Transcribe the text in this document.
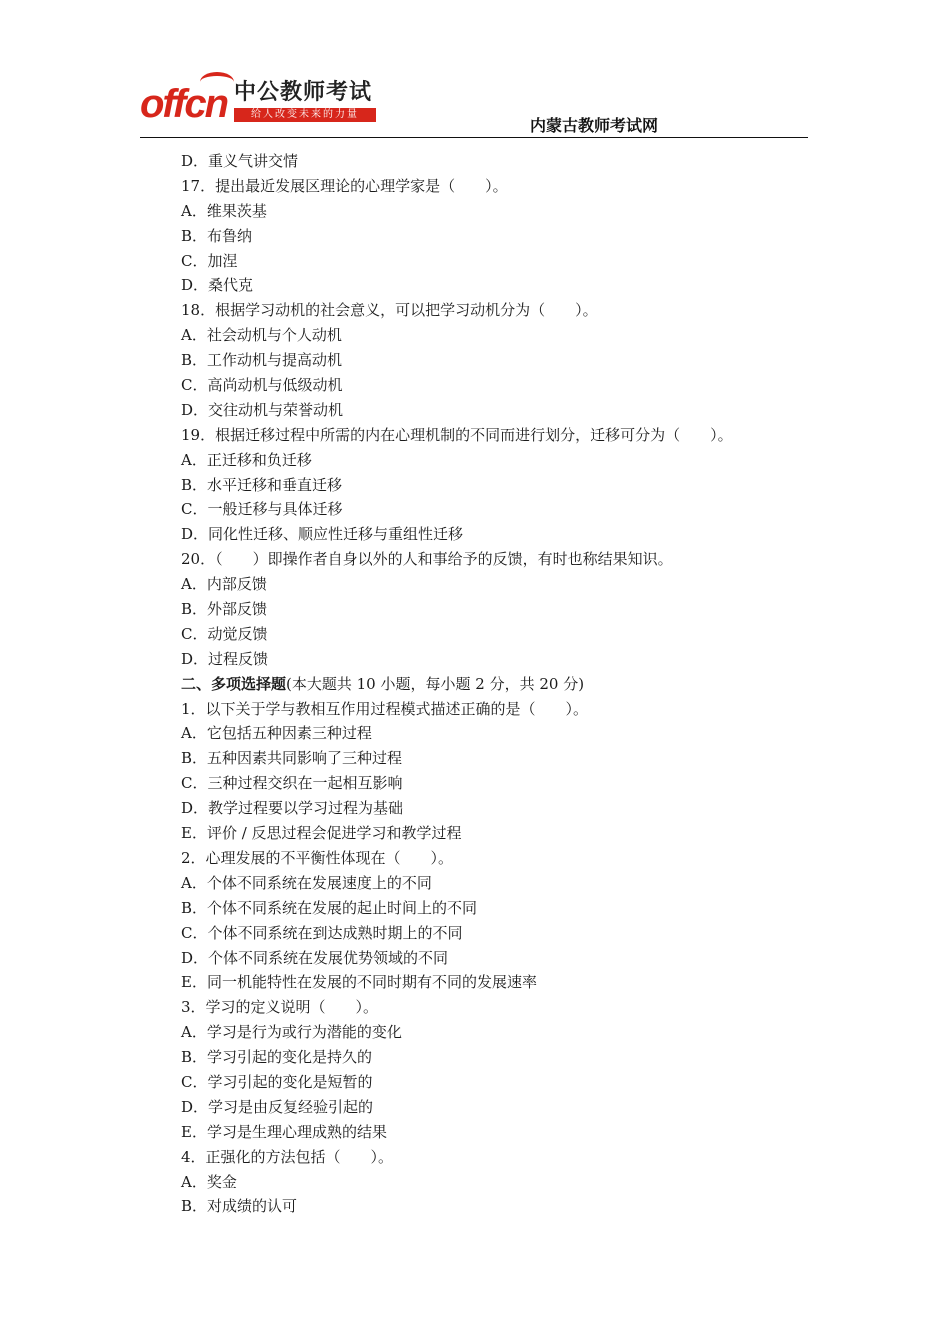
offcn 中公教师考试
给人改变未来的力量
内蒙古教师考试网
D．重义气讲交情
17．提出最近发展区理论的心理学家是（　　）。
A．维果茨基
B．布鲁纳
C．加涅
D．桑代克
18．根据学习动机的社会意义，可以把学习动机分为（　　）。
A．社会动机与个人动机
B．工作动机与提高动机
C．高尚动机与低级动机
D．交往动机与荣誉动机
19．根据迁移过程中所需的内在心理机制的不同而进行划分，迁移可分为（　　）。
A．正迁移和负迁移
B．水平迁移和垂直迁移
C．一般迁移与具体迁移
D．同化性迁移、顺应性迁移与重组性迁移
20．（　　）即操作者自身以外的人和事给予的反馈，有时也称结果知识。
A．内部反馈
B．外部反馈
C．动觉反馈
D．过程反馈
二、多项选择题(本大题共 10 小题，每小题 2 分，共 20 分)
1．以下关于学与教相互作用过程模式描述正确的是（　　）。
A．它包括五种因素三种过程
B．五种因素共同影响了三种过程
C．三种过程交织在一起相互影响
D．教学过程要以学习过程为基础
E．评价 / 反思过程会促进学习和教学过程
2．心理发展的不平衡性体现在（　　）。
A．个体不同系统在发展速度上的不同
B．个体不同系统在发展的起止时间上的不同
C．个体不同系统在到达成熟时期上的不同
D．个体不同系统在发展优势领域的不同
E．同一机能特性在发展的不同时期有不同的发展速率
3．学习的定义说明（　　）。
A．学习是行为或行为潜能的变化
B．学习引起的变化是持久的
C．学习引起的变化是短暂的
D．学习是由反复经验引起的
E．学习是生理心理成熟的结果
4．正强化的方法包括（　　）。
A．奖金
B．对成绩的认可
